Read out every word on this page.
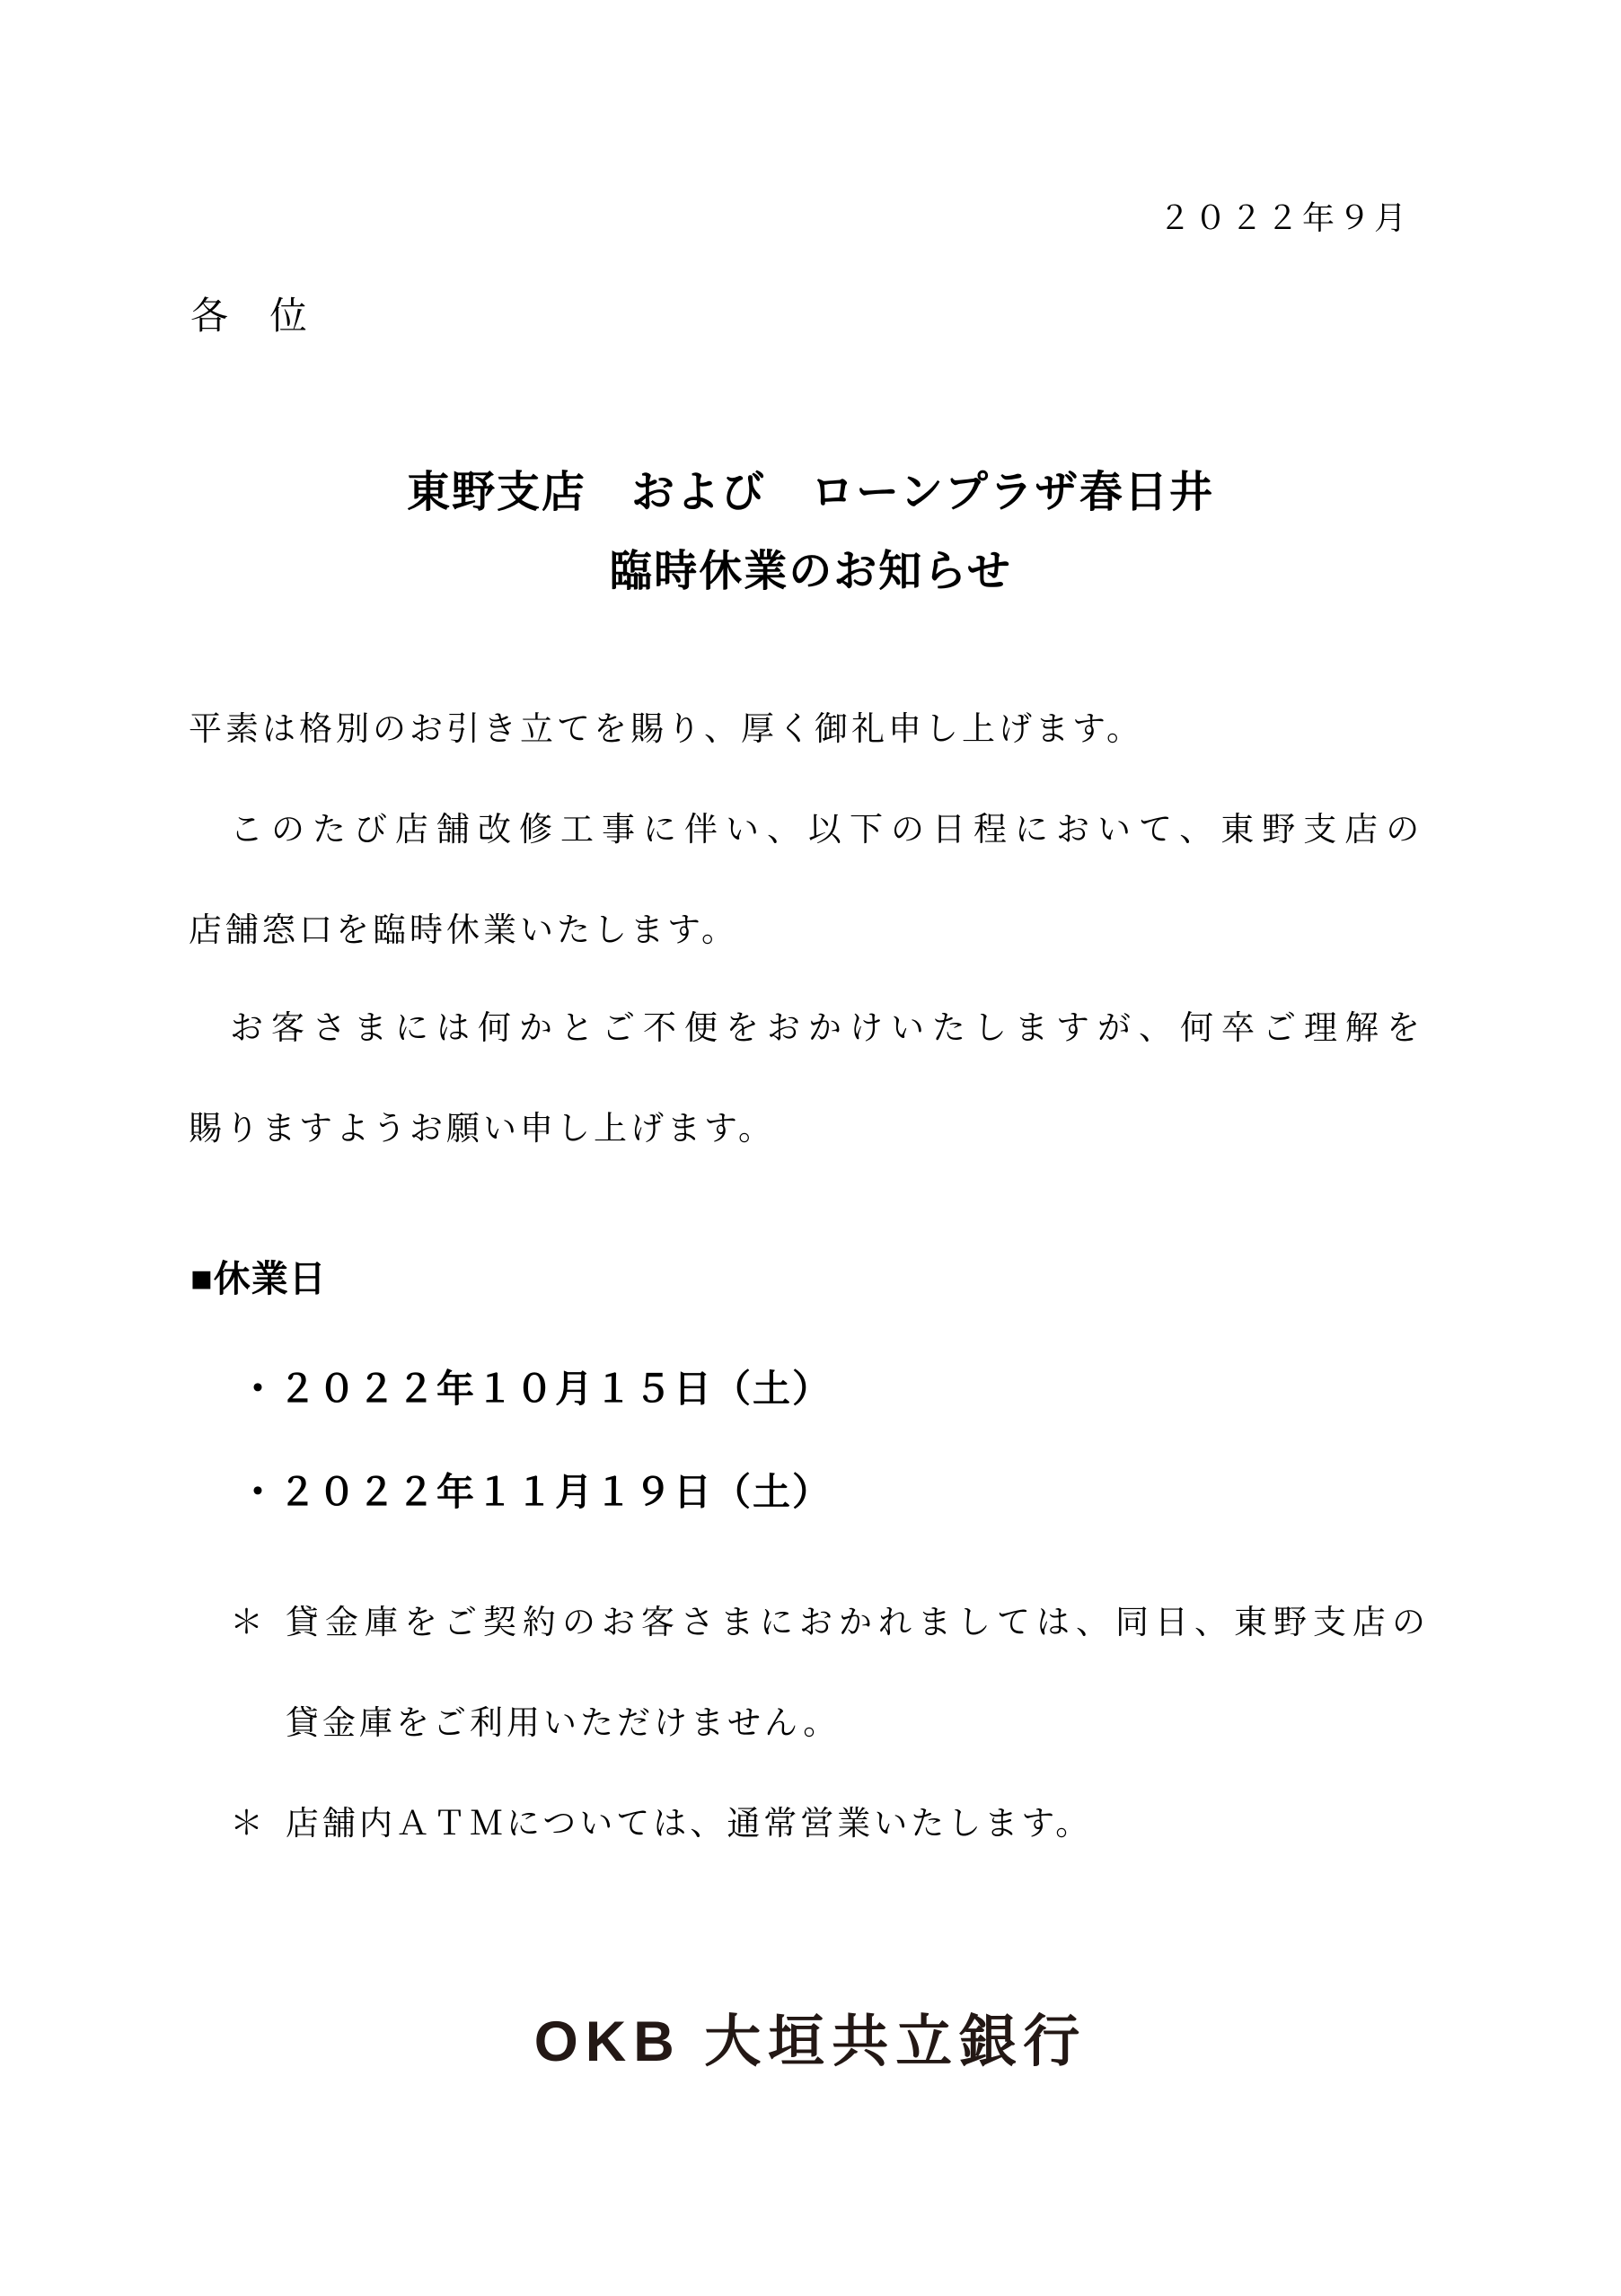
２０２２年９月
各　位
東野支店　および　ローンプラザ春日井
臨時休業のお知らせ
平素は格別のお引き立てを賜り、厚く御礼申し上げます。
　このたび店舗改修工事に伴い、以下の日程において、東野支店の
店舗窓口を臨時休業いたします。
　お客さまには何かとご不便をおかけいたしますが、何卒ご理解を
賜りますようお願い申し上げます。
■休業日
・２０２２年１０月１５日（土）
・２０２２年１１月１９日（土）
＊ 貸金庫をご契約のお客さまにおかれましては、同日、東野支店の
貸金庫をご利用いただけません。
＊ 店舗内ＡＴＭについては、通常営業いたします。
OKB 大垣共立銀行
